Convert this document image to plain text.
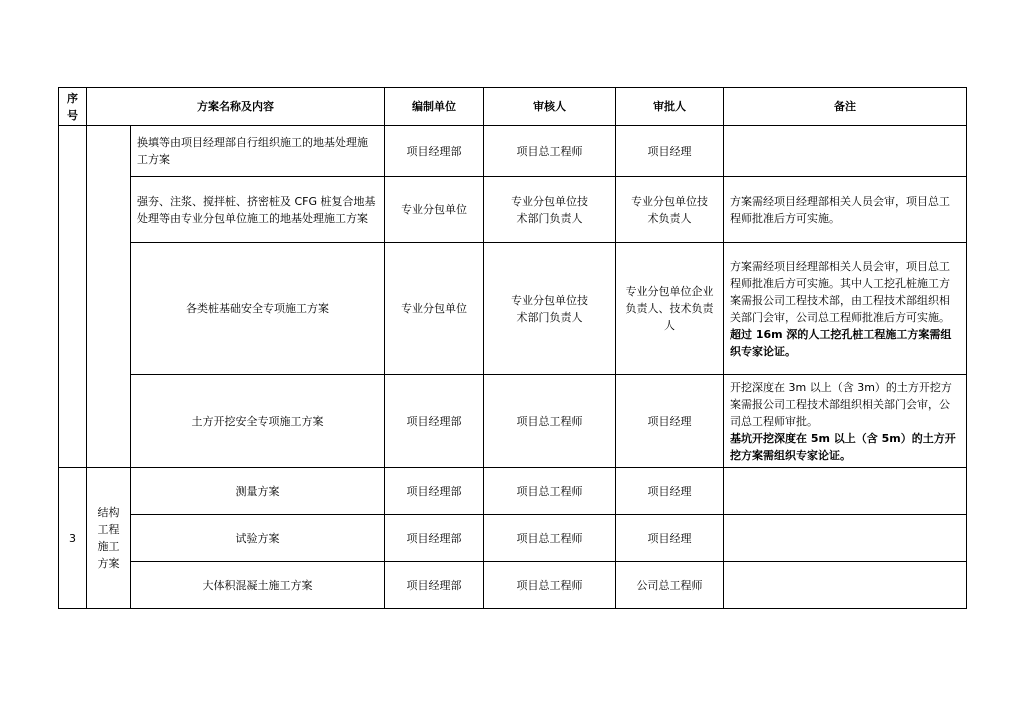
序号	方案名称及内容		编制单位	审核人	审批人	备注
		换填等由项目经理部自行组织施工的地基处理施工方案	项目经理部	项目总工程师	项目经理	

		强夯、注浆、搅拌桩、挤密桩及 CFG 桩复合地基处理等由专业分包单位施工的地基处理施工方案	专业分包单位	专业分包单位技术部门负责人	专业分包单位技术负责人	方案需经项目经理部相关人员会审，项目总工程师批准后方可实施。

		各类桩基础安全专项施工方案	专业分包单位	专业分包单位技术部门负责人	专业分包单位企业负责人、技术负责人	方案需经项目经理部相关人员会审，项目总工程师批准后方可实施。其中人工挖孔桩施工方案需报公司工程技术部，由工程技术部组织相关部门会审，公司总工程师批准后方可实施。
超过 16m 深的人工挖孔桩工程施工方案需组织专家论证。

		土方开挖安全专项施工方案	项目经理部	项目总工程师	项目经理	开挖深度在 3m 以上（含 3m）的土方开挖方案需报公司工程技术部组织相关部门会审，公司总工程师审批。
基坑开挖深度在 5m 以上（含 5m）的土方开挖方案需组织专家论证。

3	结构工程施工方案	测量方案	项目经理部	项目总工程师	项目经理	

		试验方案	项目经理部	项目总工程师	项目经理	

		大体积混凝土施工方案	项目经理部	项目总工程师	公司总工程师	
